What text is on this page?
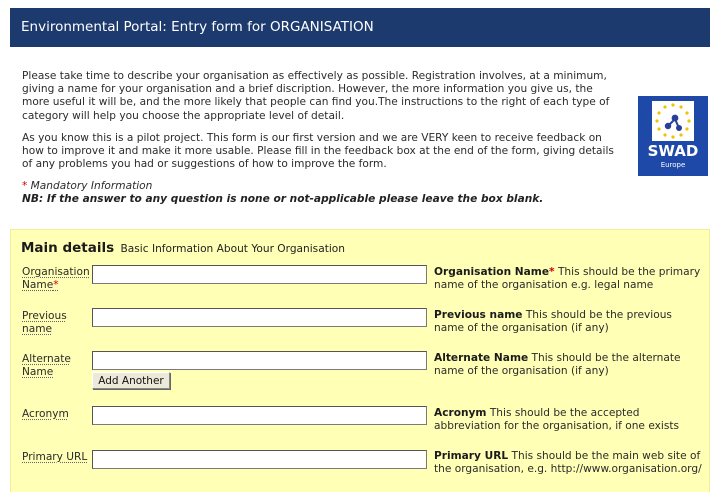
Environmental Portal: Entry form for ORGANISATION

Please take time to describe your organisation as effectively as possible. Registration involves, at a minimum, giving a name for your organisation and a brief discription. However, the more information you give us, the more useful it will be, and the more likely that people can find you.The instructions to the right of each type of category will help you choose the appropriate level of detail.

As you know this is a pilot project. This form is our first version and we are VERY keen to receive feedback on how to improve it and make it more usable. Please fill in the feedback box at the end of the form, giving details of any problems you had or suggestions of how to improve the form.

SWAD
Europe
* Mandatory Information
NB: If the answer to any question is none or not-applicable please leave the box blank.
Main details Basic Information About Your Organisation
Organisation Name*
Organisation Name* This should be the primary name of the organisation e.g. legal name
Previous name
Previous name This should be the previous name of the organisation (if any)
Alternate Name
Add Another
Alternate Name This should be the alternate name of the organisation (if any)
Acronym	Acronym This should be the accepted abbreviation for the organisation, if one exists
Primary URL	Primary URL This should be the main web site of the organisation, e.g. http://www.organisation.org/
